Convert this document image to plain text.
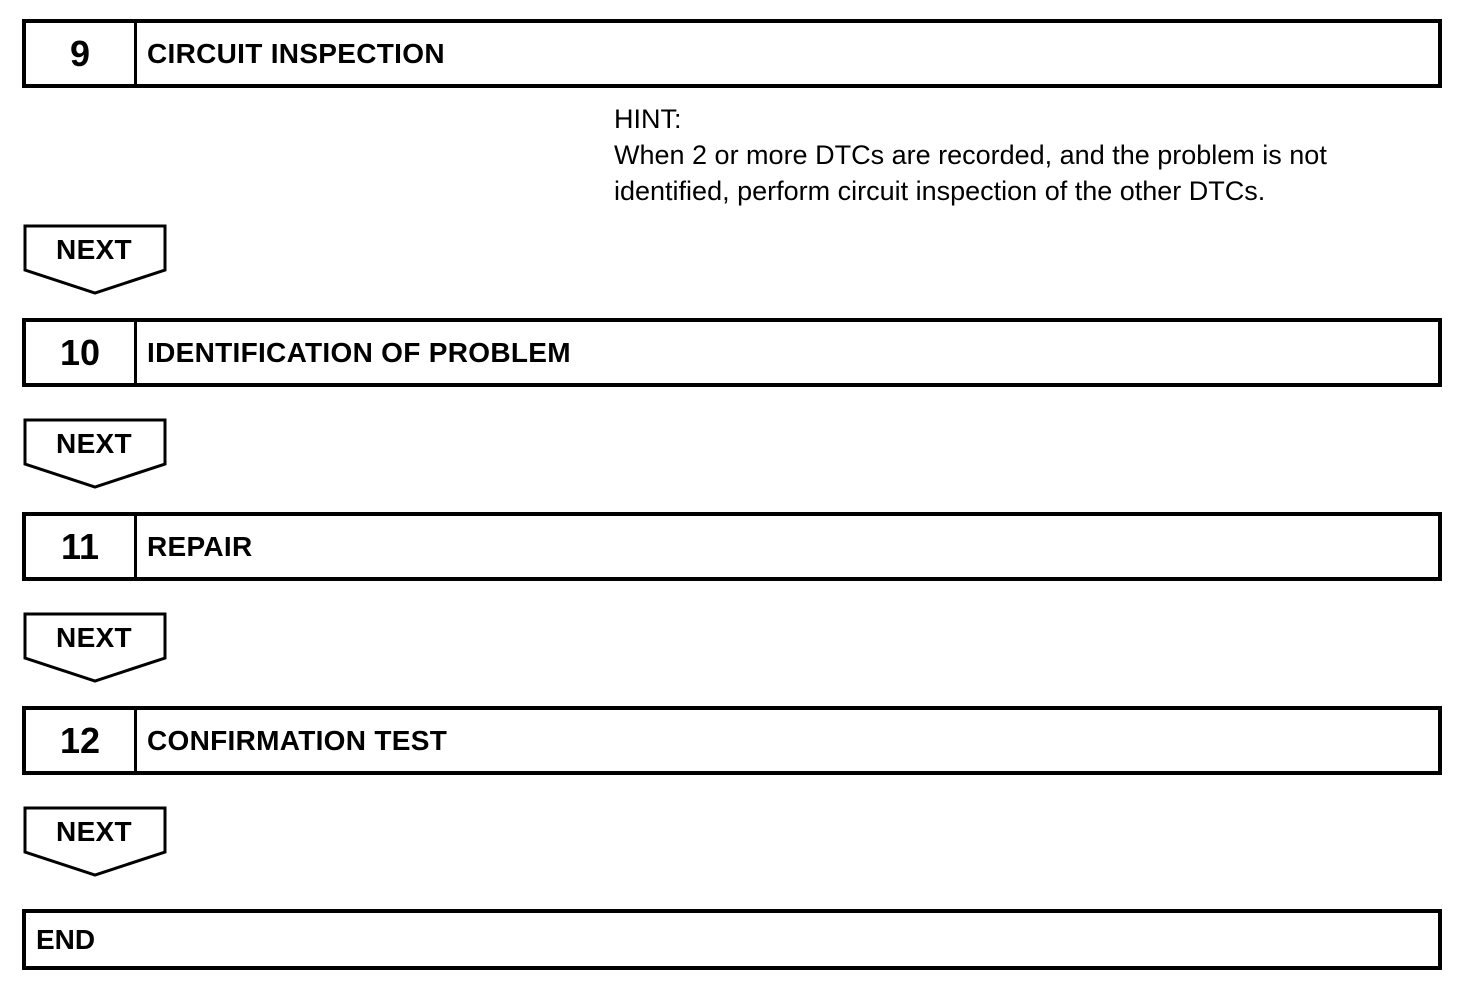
9	CIRCUIT INSPECTION
HINT:
When 2 or more DTCs are recorded, and the problem is not
identified, perform circuit inspection of the other DTCs.
NEXT
10	IDENTIFICATION OF PROBLEM
NEXT
11	REPAIR
NEXT
12	CONFIRMATION TEST
NEXT
END
